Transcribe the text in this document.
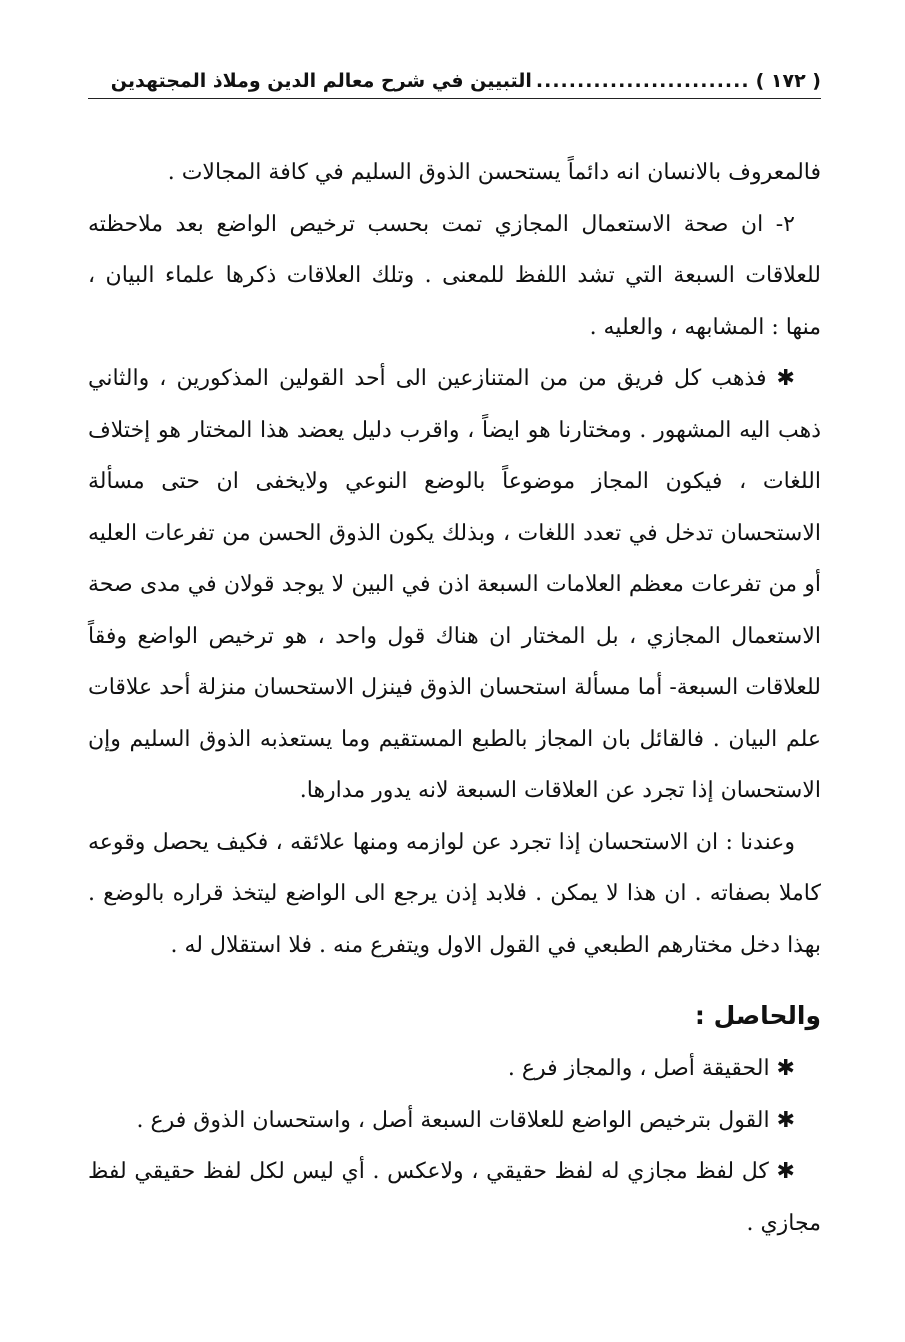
( ١٧٢ )
..........................
التبيين في شرح معالم الدين وملاذ المجتهدين

فالمعروف بالانسان انه دائماً يستحسن الذوق السليم في كافة المجالات .

٢- ان صحة الاستعمال المجازي تمت بحسب ترخيص الواضع بعد ملاحظته للعلاقات السبعة التي تشد اللفظ للمعنى . وتلك العلاقات ذكرها علماء البيان ، منها : المشابهه ، والعليه .

✱ فذهب كل فريق من من المتنازعين الى أحد القولين المذكورين ، والثاني ذهب اليه المشهور . ومختارنا هو ايضاً ، واقرب دليل يعضد هذا المختار هو إختلاف اللغات ، فيكون المجاز موضوعاً بالوضع النوعي ولايخفى ان حتى مسألة الاستحسان تدخل في تعدد اللغات ، وبذلك يكون الذوق الحسن من تفرعات العليه أو من تفرعات معظم العلامات السبعة اذن في البين لا يوجد قولان في مدى صحة الاستعمال المجازي ، بل المختار ان هناك قول واحد ، هو ترخيص الواضع وفقاً للعلاقات السبعة- أما مسألة استحسان الذوق فينزل الاستحسان منزلة أحد علاقات علم البيان . فالقائل بان المجاز بالطبع المستقيم وما يستعذبه الذوق السليم وإن الاستحسان إذا تجرد عن العلاقات السبعة لانه يدور مدارها.

وعندنا : ان الاستحسان إذا تجرد عن لوازمه ومنها علائقه ، فكيف يحصل وقوعه كاملا بصفاته . ان هذا لا يمكن . فلابد إذن يرجع الى الواضع ليتخذ قراره بالوضع . بهذا دخل مختارهم الطبعي في القول الاول ويتفرع منه . فلا استقلال له .

والحاصل :

✱ الحقيقة أصل ، والمجاز فرع .

✱ القول بترخيص الواضع للعلاقات السبعة أصل ، واستحسان الذوق فرع .

✱ كل لفظ مجازي له لفظ حقيقي ، ولاعكس . أي ليس لكل لفظ حقيقي لفظ مجازي .
